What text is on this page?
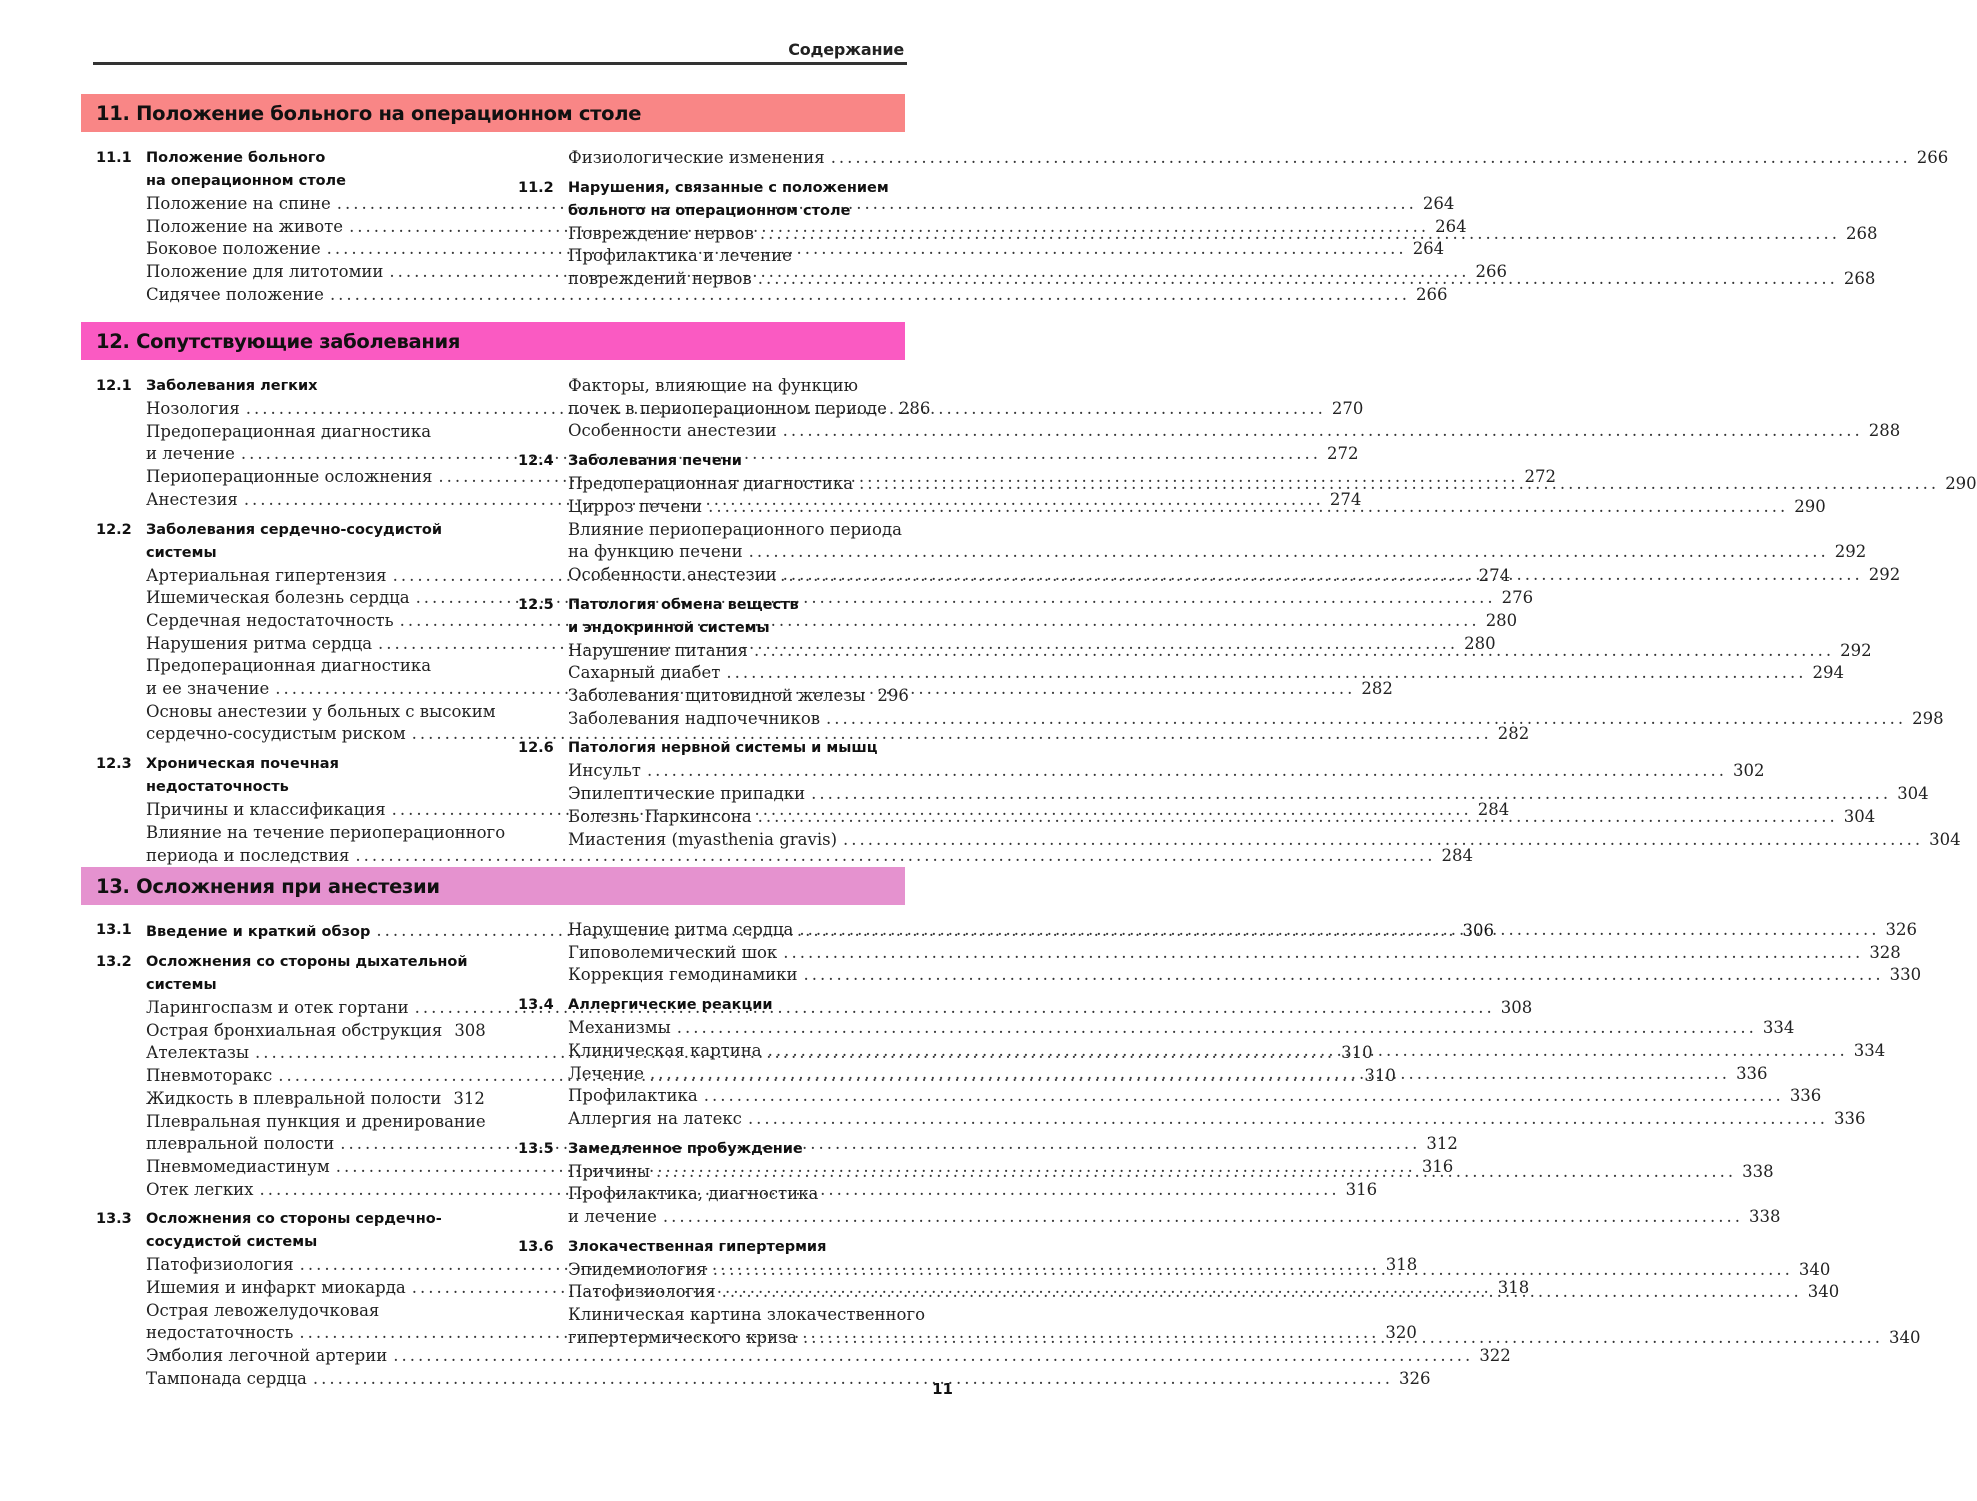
Содержание
11. Положение больного на операционном столе
11.1 Положение больного
на операционном столе
Положение на спине .....	264
Положение на животе .....	264
Боковое положение .....	264
Положение для литотомии .....	266
Сидячее положение .....	266
Физиологические изменения .....	266
11.2 Нарушения, связанные с положением
больного на операционном столе
Повреждение нервов .....	268
Профилактика и лечение
повреждений нервов .....	268
12. Сопутствующие заболевания
12.1 Заболевания легких
Нозология .....	270
Предоперационная диагностика
и лечение .....	272
Периоперационные осложнения .....	272
Анестезия .....	274
12.2 Заболевания сердечно-сосудистой
системы
Артериальная гипертензия .....	274
Ишемическая болезнь сердца .....	276
Сердечная недостаточность .....	280
Нарушения ритма сердца .....	280
Предоперационная диагностика
и ее значение .....	282
Основы анестезии у больных с высоким
сердечно-сосудистым риском .....	282
12.3 Хроническая почечная недостаточность
Причины и классификация .....	284
Влияние на течение периоперационного
периода и последствия .....	284
Факторы, влияющие на функцию
почек в периоперационном периоде 286
Особенности анестезии .....	288
12.4 Заболевания печени
Предоперационная диагностика .....	290
Цирроз печени .....	290
Влияние периоперационного периода
на функцию печени .....	292
Особенности анестезии .....	292
12.5 Патология обмена веществ
и эндокринной системы
Нарушение питания .....	292
Сахарный диабет .....	294
Заболевания щитовидной железы 296
Заболевания надпочечников .....	298
12.6 Патология нервной системы и мышц
Инсульт .....	302
Эпилептические припадки .....	304
Болезнь Паркинсона .....	304
Миастения (myasthenia gravis) .....	304
13. Осложнения при анестезии
13.1 Введение и краткий обзор .....	306
13.2 Осложнения со стороны дыхательной
системы
Ларингоспазм и отек гортани .....	308
Острая бронхиальная обструкция 308
Ателектазы .....	310
Пневмоторакс .....	310
Жидкость в плевральной полости 312
Плевральная пункция и дренирование
плевральной полости .....	312
Пневмомедиастинум .....	316
Отек легких .....	316
13.3 Осложнения со стороны сердечно-
сосудистой системы
Патофизиология .....	318
Ишемия и инфаркт миокарда .....	318
Острая левожелудочковая
недостаточность .....	320
Эмболия легочной артерии .....	322
Тампонада сердца .....	326
Нарушение ритма сердца .....	326
Гиповолемический шок .....	328
Коррекция гемодинамики .....	330
13.4 Аллергические реакции
Механизмы .....	334
Клиническая картина .....	334
Лечение .....	336
Профилактика .....	336
Аллергия на латекс .....	336
13.5 Замедленное пробуждение
Причины .....	338
Профилактика, диагностика
и лечение .....	338
13.6 Злокачественная гипертермия
Эпидемиология .....	340
Патофизиология .....	340
Клиническая картина злокачественного
гипертермического криза .....	340
11
